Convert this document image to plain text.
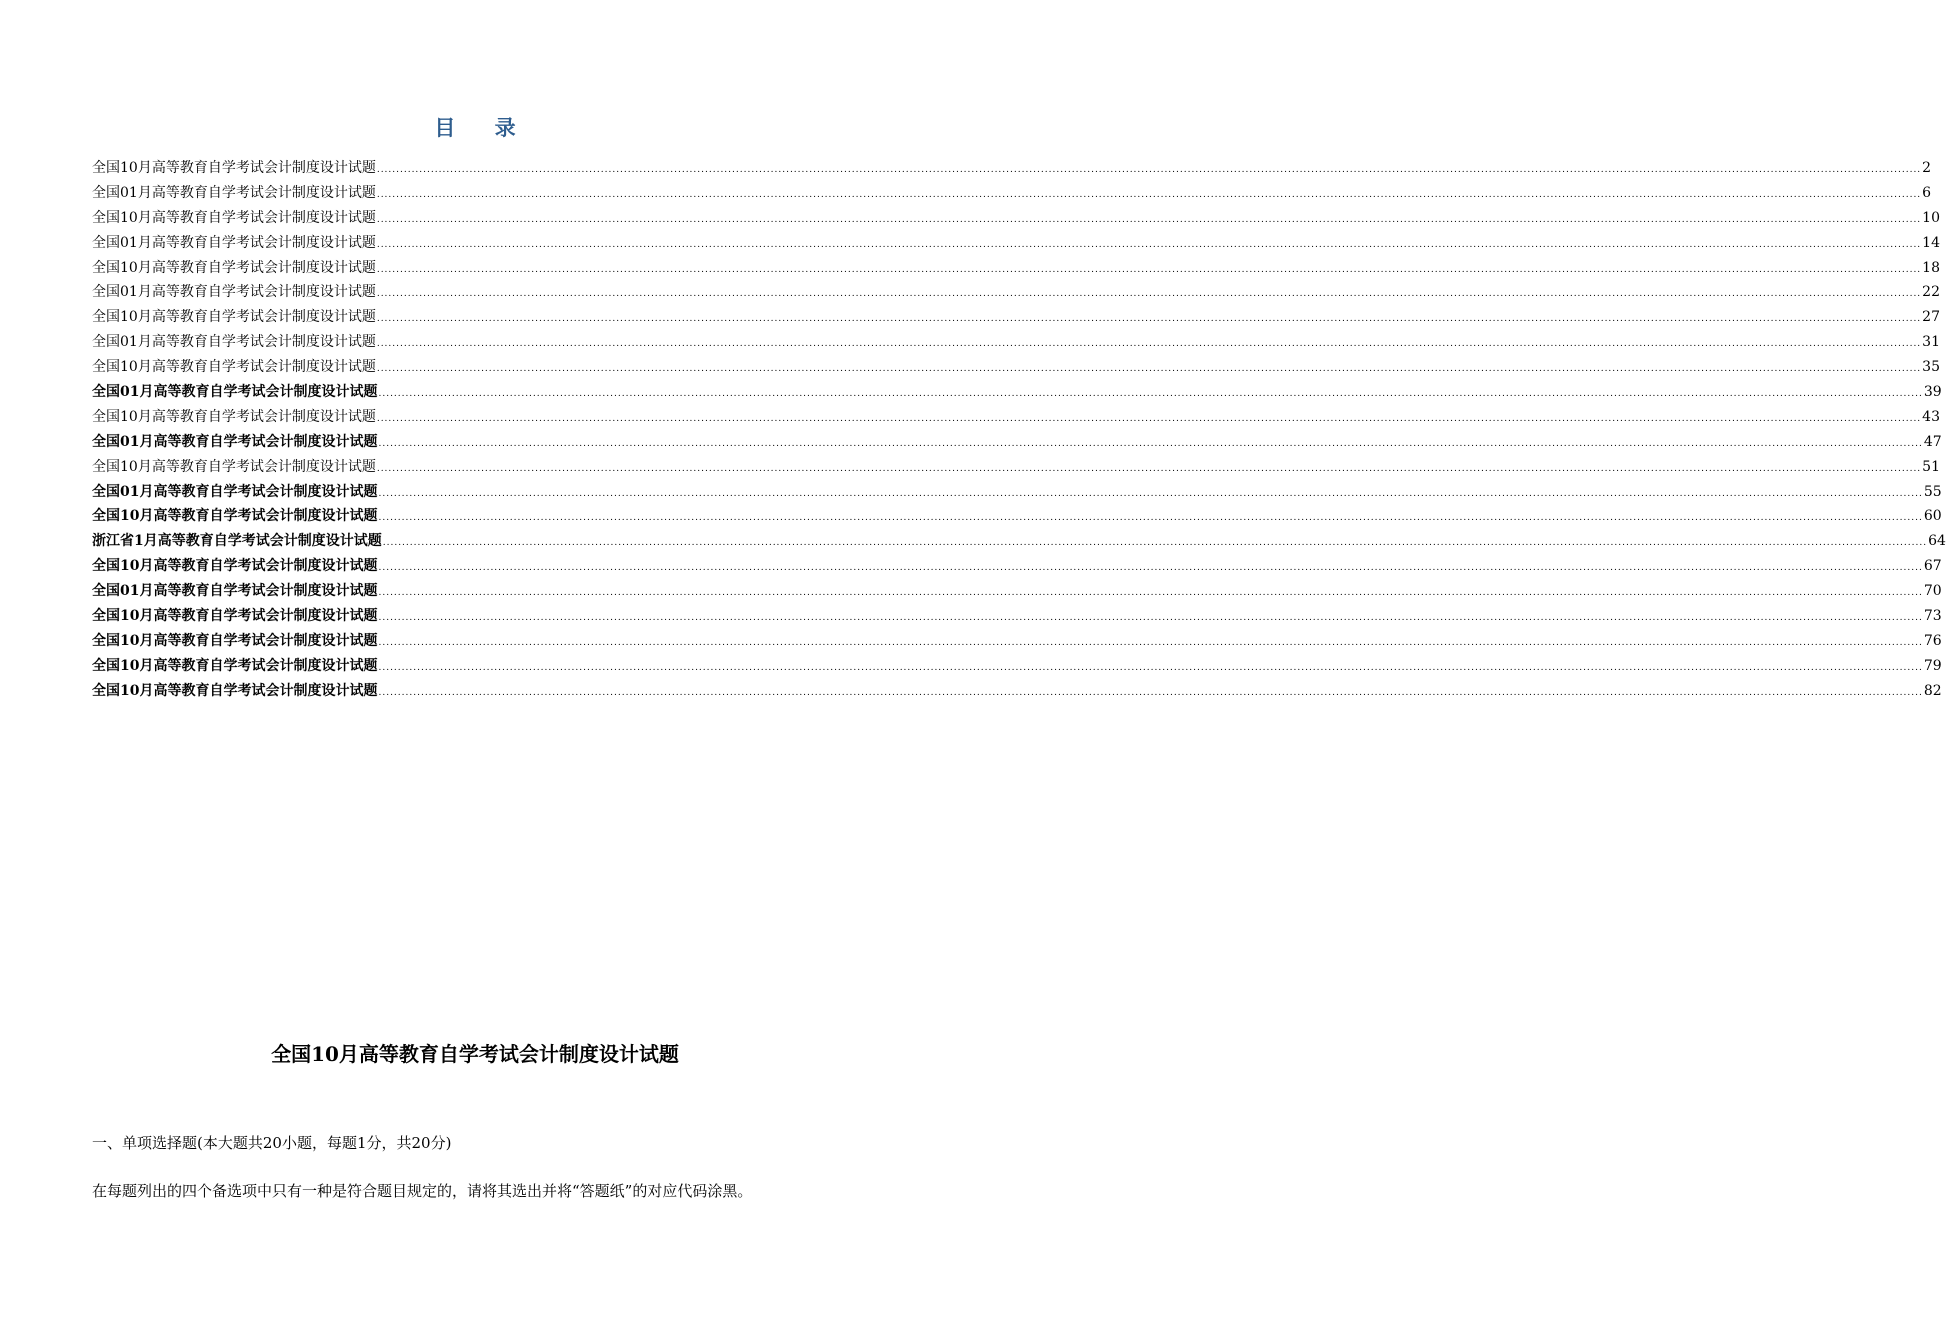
目 录
全国10月高等教育自学考试会计制度设计试题 ................................................................................................................................................................................................................................................................................................................................................................................................................ 2
全国01月高等教育自学考试会计制度设计试题 ................................................................................................................................................................................................................................................................................................................................................................................................................ 6
全国10月高等教育自学考试会计制度设计试题 ................................................................................................................................................................................................................................................................................................................................................................................................................ 10
全国01月高等教育自学考试会计制度设计试题 ................................................................................................................................................................................................................................................................................................................................................................................................................ 14
全国10月高等教育自学考试会计制度设计试题 ................................................................................................................................................................................................................................................................................................................................................................................................................ 18
全国01月高等教育自学考试会计制度设计试题 ................................................................................................................................................................................................................................................................................................................................................................................................................ 22
全国10月高等教育自学考试会计制度设计试题 ................................................................................................................................................................................................................................................................................................................................................................................................................ 27
全国01月高等教育自学考试会计制度设计试题 ................................................................................................................................................................................................................................................................................................................................................................................................................ 31
全国10月高等教育自学考试会计制度设计试题 ................................................................................................................................................................................................................................................................................................................................................................................................................ 35
全国01月高等教育自学考试会计制度设计试题 ................................................................................................................................................................................................................................................................................................................................................................................................................ 39
全国10月高等教育自学考试会计制度设计试题 ................................................................................................................................................................................................................................................................................................................................................................................................................ 43
全国01月高等教育自学考试会计制度设计试题 ................................................................................................................................................................................................................................................................................................................................................................................................................ 47
全国10月高等教育自学考试会计制度设计试题 ................................................................................................................................................................................................................................................................................................................................................................................................................ 51
全国01月高等教育自学考试会计制度设计试题 ................................................................................................................................................................................................................................................................................................................................................................................................................ 55
全国10月高等教育自学考试会计制度设计试题 ................................................................................................................................................................................................................................................................................................................................................................................................................ 60
浙江省1月高等教育自学考试会计制度设计试题 ................................................................................................................................................................................................................................................................................................................................................................................................................ 64
全国10月高等教育自学考试会计制度设计试题 ................................................................................................................................................................................................................................................................................................................................................................................................................ 67
全国01月高等教育自学考试会计制度设计试题 ................................................................................................................................................................................................................................................................................................................................................................................................................ 70
全国10月高等教育自学考试会计制度设计试题 ................................................................................................................................................................................................................................................................................................................................................................................................................ 73
全国10月高等教育自学考试会计制度设计试题 ................................................................................................................................................................................................................................................................................................................................................................................................................ 76
全国10月高等教育自学考试会计制度设计试题 ................................................................................................................................................................................................................................................................................................................................................................................................................ 79
全国10月高等教育自学考试会计制度设计试题 ................................................................................................................................................................................................................................................................................................................................................................................................................ 82
全国10月高等教育自学考试会计制度设计试题
一、单项选择题(本大题共20小题，每题1分，共20分)
在每题列出的四个备选项中只有一种是符合题目规定的，请将其选出并将“答题纸”的对应代码涂黑。
